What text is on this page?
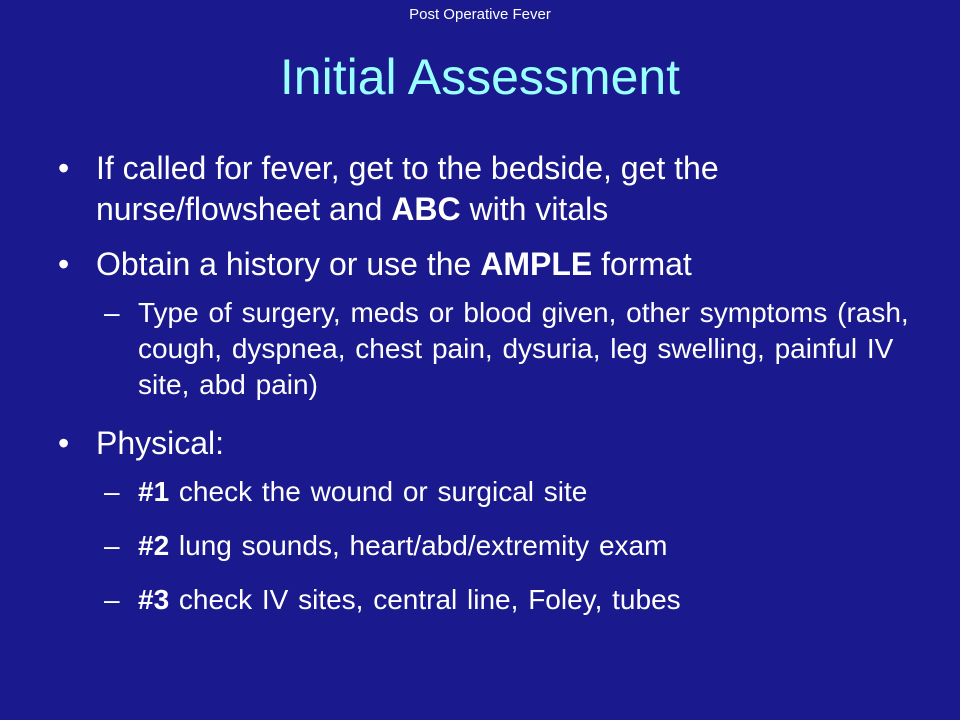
Post Operative Fever
Initial Assessment
• If called for fever, get to the bedside, get the nurse/flowsheet and ABC with vitals
• Obtain a history or use the AMPLE format
– Type of surgery, meds or blood given, other symptoms (rash, cough, dyspnea, chest pain, dysuria, leg swelling, painful IV site, abd pain)
• Physical:
– #1 check the wound or surgical site
– #2 lung sounds, heart/abd/extremity exam
– #3 check IV sites, central line, Foley, tubes
